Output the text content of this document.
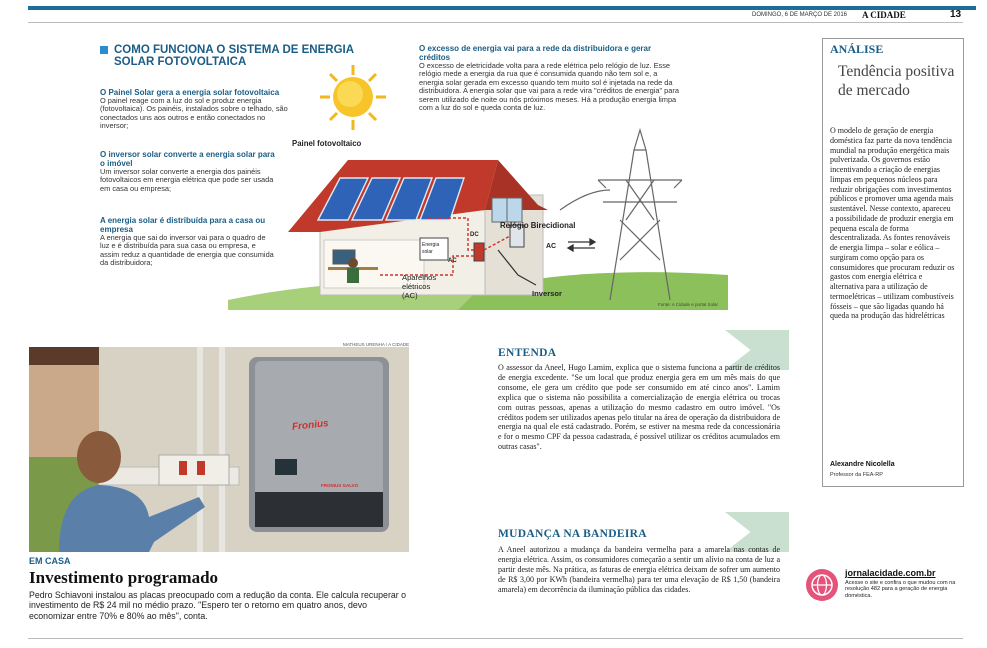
DOMINGO, 6 DE MARÇO DE 2016 A CIDADE	13
COMO FUNCIONA O SISTEMA DE ENERGIA
SOLAR FOTOVOLTAICA
O Painel Solar gera a energia solar fotovoltaica
O painel reage com a luz do sol e produz energia (fotovoltaica). Os painéis, instalados sobre o telhado, são conectados uns aos outros e então conectados no inversor;
O inversor solar converte a energia solar para o imóvel
Um inversor solar converte a energia dos painéis fotovoltaicos em energia elétrica que pode ser usada em casa ou empresa;
A energia solar é distribuída para a casa ou empresa
A energia que sai do inversor vai para o quadro de luz e é distribuída para sua casa ou empresa, e assim reduz a quantidade de energia que consumida da distribuidora;
O excesso de energia vai para a rede da distribuidora e gerar créditos
O excesso de eletricidade volta para a rede elétrica pelo relógio de luz. Esse relógio mede a energia da rua que é consumida quando não tem sol e, a energia solar gerada em excesso quando tem muito sol é injetada na rede da distribuidora. A energia solar que vai para a rede vira "créditos de energia" para serem utilizado de noite ou nós próximos meses. Há a produção energia limpa com a luz do sol e queda conta de luz.
Painel fotovoltaico
Relógio Birecidional
Aparelhos
elétricos
(AC)	Inversor
Energia
solar
DC
AC
AC
Fonte: A Cidade e portal Solar
MATHEUS URENHA / A CIDADE
Fronius
FRONIUS GALVO
EM CASA
Investimento programado
Pedro Schiavoni instalou as placas preocupado com a redução da conta. Ele calcula recuperar o investimento de R$ 24 mil no médio prazo. "Espero ter o retorno em quatro anos, devo economizar entre 70% e 80% ao mês", conta.
ENTENDA
O assessor da Aneel, Hugo Lamim, explica que o sistema funciona a partir de créditos de energia excedente. "Se um local que produz energia gera em um mês mais do que consome, ele gera um crédito que pode ser consumido em até cinco anos". Lamim explica que o sistema não possibilita a comercialização de energia elétrica ou trocas com outras pessoas, apenas a utilização do mesmo cadastro em outro imóvel. "Os créditos podem ser utilizados apenas pelo titular na área de operação da distribuidora de energia na qual ele está cadastrado. Porém, se estiver na mesma rede da concessionária e for o mesmo CPF da pessoa cadastrada, é possível utilizar os créditos acumulados em outras casas".
MUDANÇA NA BANDEIRA
A Aneel autorizou a mudança da bandeira vermelha para a amarela nas contas de energia elétrica. Assim, os consumidores começarão a sentir um alívio na conta de luz a partir deste mês. Na prática, as faturas de energia elétrica deixam de sofrer um aumento de R$ 3,00 por KWh (bandeira vermelha) para ter uma elevação de R$ 1,50 (bandeira amarela) em decorrência da iluminação pública das cidades.
ANÁLISE
Tendência positiva de mercado
O modelo de geração de energia doméstica faz parte da nova tendência mundial na produção energética mais pulverizada. Os governos estão incentivando a criação de energias limpas em pequenos núcleos para reduzir obrigações com investimentos públicos e promover uma agenda mais sustentável. Nesse contexto, apareceu a possibilidade de produzir energia em pequena escala de forma descentralizada. As fontes renováveis de energia limpa – solar e eólica – surgiram como opção para os consumidores que procuram reduzir os gastos com energia elétrica e alternativa para a utilização de termoelétricas – utilizam combustíveis fósseis – que são ligadas quando há queda na produção das hidrelétricas
Alexandre Nicolella
Professor da FEA-RP
jornalacidade.com.br
Acesse o site e confira o que mudou com na resolução 482 para a geração de energia doméstica.
